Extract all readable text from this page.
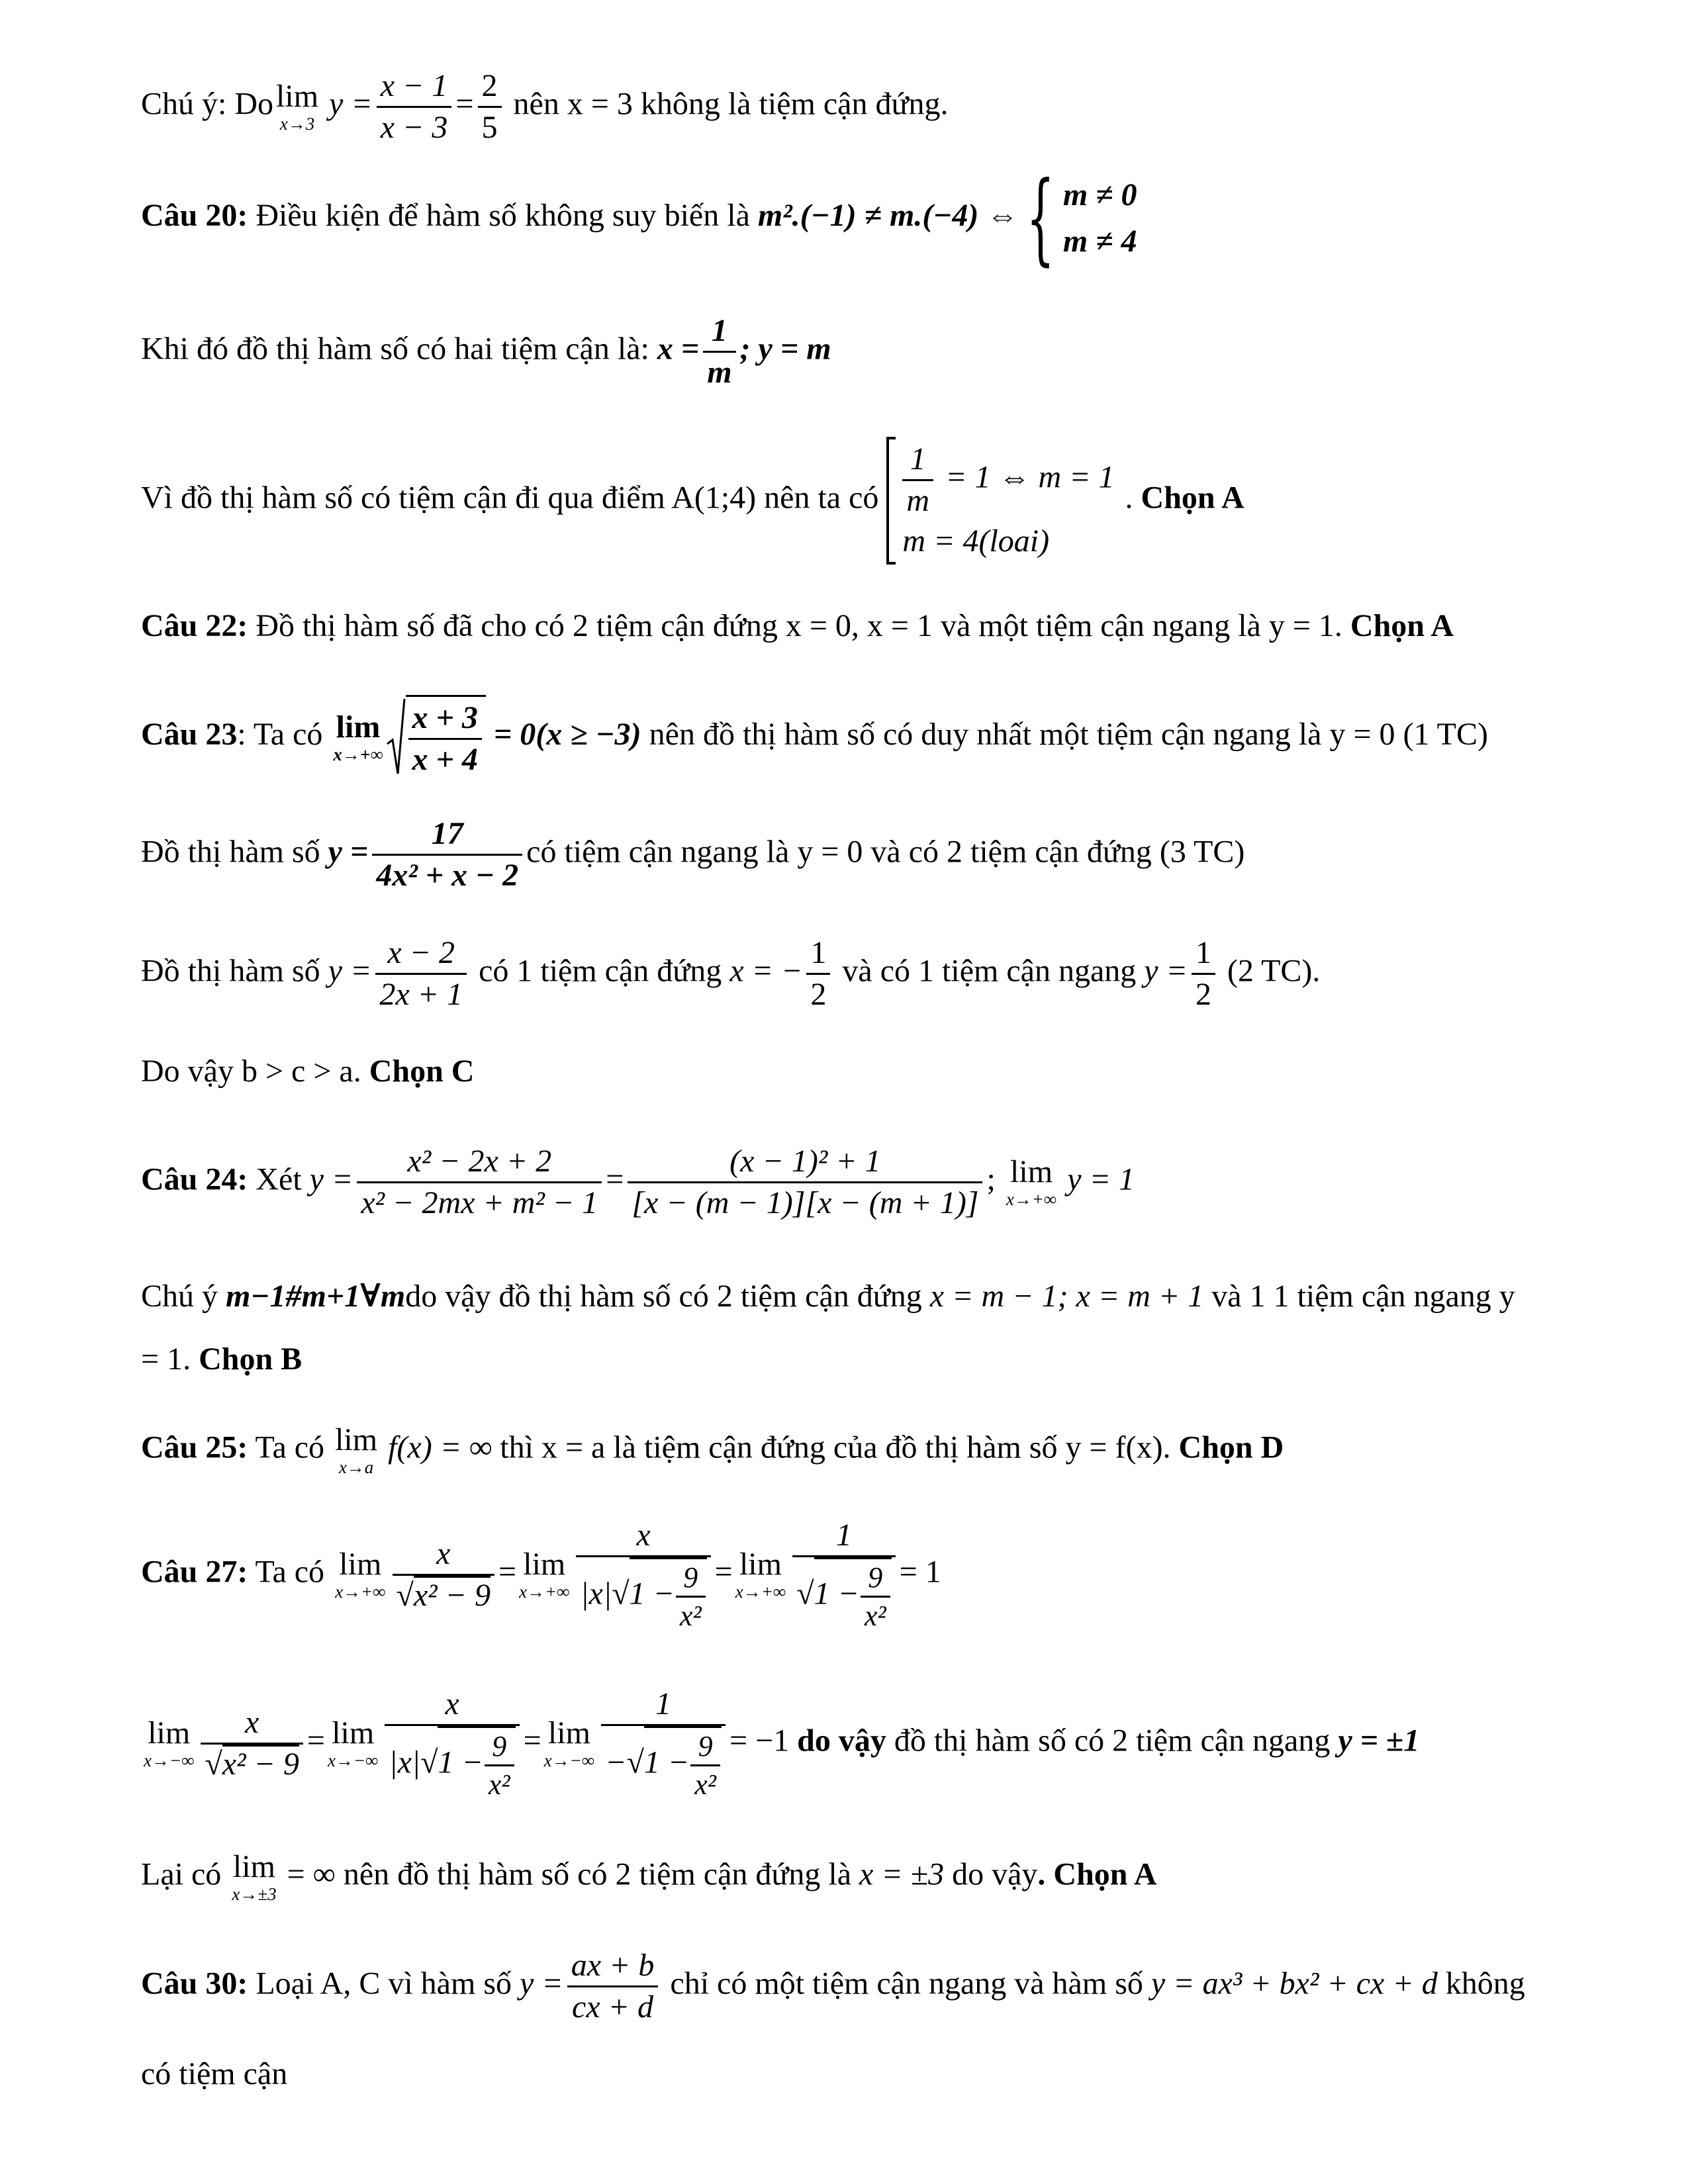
Chú ý: Do lim
x→3
$y = \frac{x - 1}{x - 3} = \frac{2}{5}$ nên x = 3 không là tiệm cận đứng.
Câu 20: Điều kiện để hàm số không suy biến là m².(−1) ≠ m.(−4) ⇔{ m ≠ 0
m ≠ 4
Khi đó đồ thị hàm số có hai tiệm cận là: $x = \frac{1}{m}$ ; y = m
Vì đồ thị hàm số có tiệm cận đi qua điểm A(1;4) nên ta có $\frac{1}{m} = 1$ ⇔ m = 1
m = 4(loai)
. Chọn A
Câu 22: Đồ thị hàm số đã cho có 2 tiệm cận đứng x = 0, x = 1 và một tiệm cận ngang là y = 1. Chọn A
Câu 23: Ta có lim
$x\to+\infty \frac{x + 3}{x + 4} = 0(x \ge -3)$ nên đồ thị hàm số có duy nhất một tiệm cận ngang là y = 0 (1 TC)
Đồ thị hàm số $y = \frac{17}{\text{4x² + x − 2}}$ có tiệm cận ngang là y = 0 và có 2 tiệm cận đứng (3 TC)
Đồ thị hàm số $y = \frac{x - 2}{2x + 1}$ có 1 tiệm cận đứng x = − $\frac{1}{2}$ và có 1 tiệm cận ngang $y = \frac{1}{2} (2$ TC).
Do vậy b > c > a. Chọn C
Câu 24: Xét $y = \frac{\text{x² − 2x + 2}}{\text{x² − 2mx + m² − 1}} = \frac{\text{(x − 1)² + 1}}{[x - (m - 1)][x - (m + 1)]}$ ; lim
x→+∞
y = 1
Chú ý m−1#m+1∀mdo vậy đồ thị hàm số có 2 tiệm cận đứng x = m − 1; x = m + 1 và 1 1 tiệm cận ngang y
= 1. Chọn B
Câu 25: Ta có lim
x→a
f(x) = ∞ thì x = a là tiệm cận đứng của đồ thị hàm số y = f(x). Chọn D
Câu 27: Ta có lim
$x\to+\infty \frac{x}{\text{√x² − 9}} = \lim$
$x\to+\infty \frac{x}{|x|√1 - \frac{9}{\text{x²}}} = \lim$
$x\to+\infty \frac{1}{√1 - \frac{9}{\text{x²}}} = 1$
lim
$x\to-\infty \frac{x}{\text{√x² − 9}} = \lim$
$x\to-\infty \frac{x}{|x|√1 - \frac{9}{\text{x²}}} = \lim$
$x\to-\infty \frac{1}{-√1 - \frac{9}{\text{x²}}} = -1$ do vậy đồ thị hàm số có 2 tiệm cận ngang y = ±1
Lại có lim
x→±3
= ∞ nên đồ thị hàm số có 2 tiệm cận đứng là x = ±3 do vậy. Chọn A
Câu 30: Loại A, C vì hàm số $y = \frac{ax + b}{cx + d}$ chỉ có một tiệm cận ngang và hàm số y = ax³ + bx² + cx + d không
có tiệm cận
